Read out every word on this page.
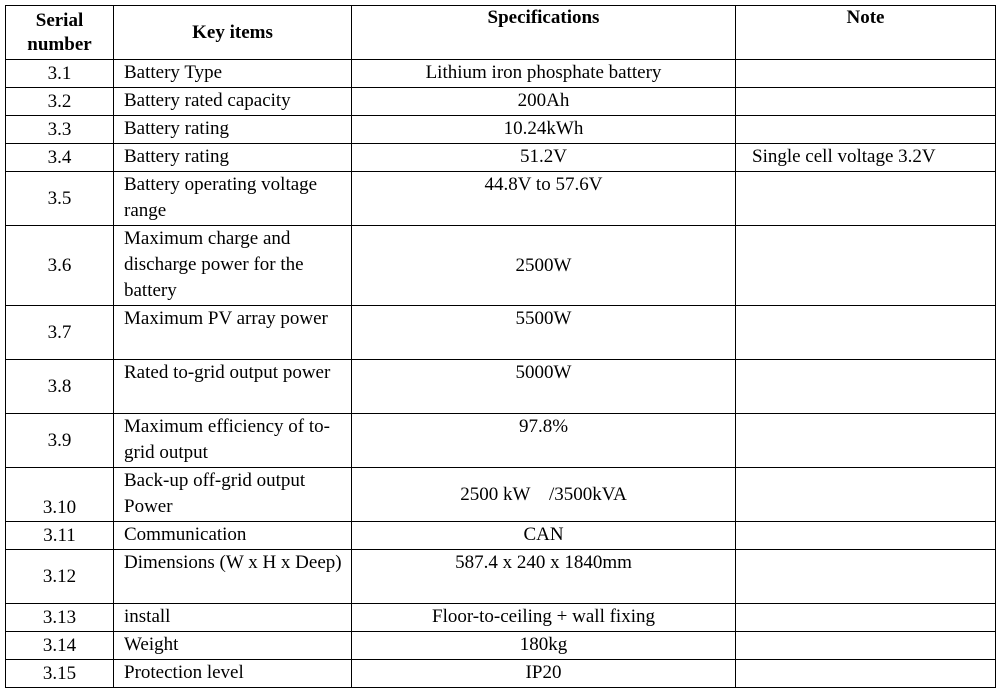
Serial number	Key items	Specifications	Note
3.1	Battery Type	Lithium iron phosphate battery	
3.2	Battery rated capacity	200Ah	
3.3	Battery rating	10.24kWh	
3.4	Battery rating	51.2V	Single cell voltage 3.2V
3.5	Battery operating voltage range	44.8V to 57.6V	
3.6	Maximum charge and discharge power for the battery	2500W	
3.7	Maximum PV array power	5500W	
3.8	Rated to-grid output power	5000W	
3.9	Maximum efficiency of to-grid output	97.8%	
3.10	Back-up off-grid output Power	2500 kW    /3500kVA	
3.11	Communication	CAN	
3.12	Dimensions (W x H x Deep)	587.4 x 240 x 1840mm	
3.13	install	Floor-to-ceiling + wall fixing	
3.14	Weight	180kg	
3.15	Protection level	IP20	
